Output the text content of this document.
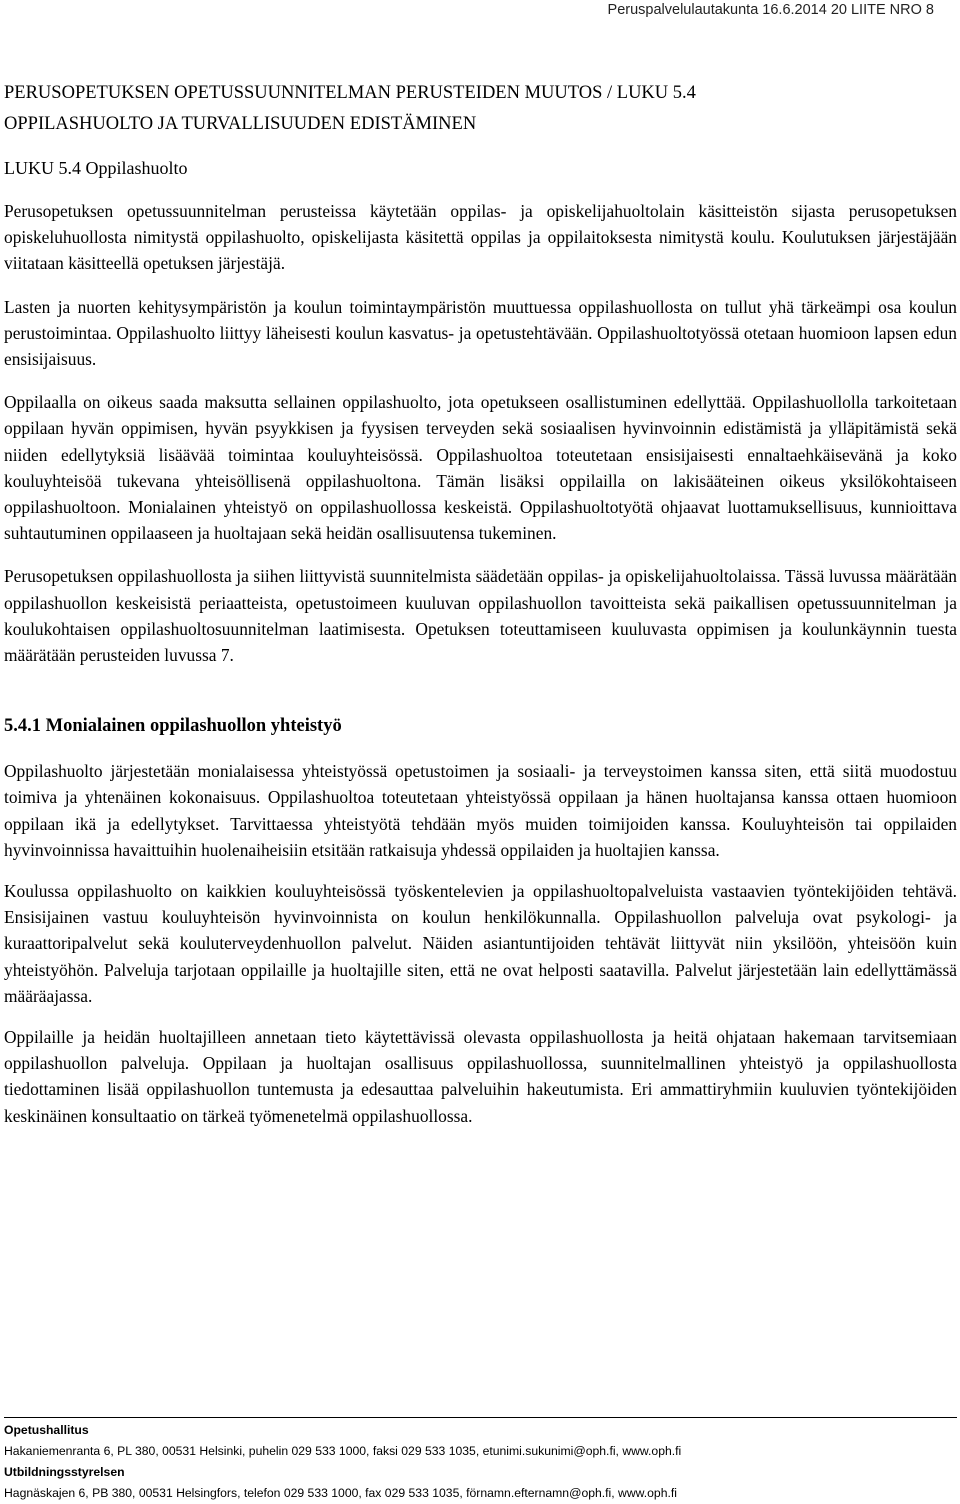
Peruspalvelulautakunta 16.6.2014 20 LIITE NRO 8
PERUSOPETUKSEN OPETUSSUUNNITELMAN PERUSTEIDEN MUUTOS / LUKU 5.4
OPPILASHUOLTO JA TURVALLISUUDEN EDISTÄMINEN
LUKU 5.4 Oppilashuolto

Perusopetuksen opetussuunnitelman perusteissa käytetään oppilas- ja opiskelijahuoltolain käsitteistön sijasta perusopetuksen opiskeluhuollosta nimitystä oppilashuolto, opiskelijasta käsitettä oppilas ja oppilaitoksesta nimitystä koulu. Koulutuksen järjestäjään viitataan käsitteellä opetuksen järjestäjä.

Lasten ja nuorten kehitysympäristön ja koulun toimintaympäristön muuttuessa oppilashuollosta on tullut yhä tärkeämpi osa koulun perustoimintaa. Oppilashuolto liittyy läheisesti koulun kasvatus- ja opetustehtävään. Oppilashuoltotyössä otetaan huomioon lapsen edun ensisijaisuus.

Oppilaalla on oikeus saada maksutta sellainen oppilashuolto, jota opetukseen osallistuminen edellyttää. Oppilashuollolla tarkoitetaan oppilaan hyvän oppimisen, hyvän psyykkisen ja fyysisen terveyden sekä sosiaalisen hyvinvoinnin edistämistä ja ylläpitämistä sekä niiden edellytyksiä lisäävää toimintaa kouluyhteisössä. Oppilashuoltoa toteutetaan ensisijaisesti ennaltaehkäisevänä ja koko kouluyhteisöä tukevana yhteisöllisenä oppilashuoltona. Tämän lisäksi oppilailla on lakisääteinen oikeus yksilökohtaiseen oppilashuoltoon. Monialainen yhteistyö on oppilashuollossa keskeistä. Oppilashuoltotyötä ohjaavat luottamuksellisuus, kunnioittava suhtautuminen oppilaaseen ja huoltajaan sekä heidän osallisuutensa tukeminen.

Perusopetuksen oppilashuollosta ja siihen liittyvistä suunnitelmista säädetään oppilas- ja opiskelijahuoltolaissa. Tässä luvussa määrätään oppilashuollon keskeisistä periaatteista, opetustoimeen kuuluvan oppilashuollon tavoitteista sekä paikallisen opetussuunnitelman ja koulukohtaisen oppilashuoltosuunnitelman laatimisesta. Opetuksen toteuttamiseen kuuluvasta oppimisen ja koulunkäynnin tuesta määrätään perusteiden luvussa 7.

5.4.1 Monialainen oppilashuollon yhteistyö

Oppilashuolto järjestetään monialaisessa yhteistyössä opetustoimen ja sosiaali- ja terveystoimen kanssa siten, että siitä muodostuu toimiva ja yhtenäinen kokonaisuus. Oppilashuoltoa toteutetaan yhteistyössä oppilaan ja hänen huoltajansa kanssa ottaen huomioon oppilaan ikä ja edellytykset. Tarvittaessa yhteistyötä tehdään myös muiden toimijoiden kanssa. Kouluyhteisön tai oppilaiden hyvinvoinnissa havaittuihin huolenaiheisiin etsitään ratkaisuja yhdessä oppilaiden ja huoltajien kanssa.

Koulussa oppilashuolto on kaikkien kouluyhteisössä työskentelevien ja oppilashuoltopalveluista vastaavien työntekijöiden tehtävä. Ensisijainen vastuu kouluyhteisön hyvinvoinnista on koulun henkilökunnalla. Oppilashuollon palveluja ovat psykologi- ja kuraattoripalvelut sekä kouluterveydenhuollon palvelut. Näiden asiantuntijoiden tehtävät liittyvät niin yksilöön, yhteisöön kuin yhteistyöhön. Palveluja tarjotaan oppilaille ja huoltajille siten, että ne ovat helposti saatavilla. Palvelut järjestetään lain edellyttämässä määräajassa.

Oppilaille ja heidän huoltajilleen annetaan tieto käytettävissä olevasta oppilashuollosta ja heitä ohjataan hakemaan tarvitsemiaan oppilashuollon palveluja. Oppilaan ja huoltajan osallisuus oppilashuollossa, suunnitelmallinen yhteistyö ja oppilashuollosta tiedottaminen lisää oppilashuollon tuntemusta ja edesauttaa palveluihin hakeutumista. Eri ammattiryhmiin kuuluvien työntekijöiden keskinäinen konsultaatio on tärkeä työmenetelmä oppilashuollossa.

Opetushallitus
Hakaniemenranta 6, PL 380, 00531 Helsinki, puhelin 029 533 1000, faksi 029 533 1035, etunimi.sukunimi@oph.fi, www.oph.fi
Utbildningsstyrelsen
Hagnäskajen 6, PB 380, 00531 Helsingfors, telefon 029 533 1000, fax 029 533 1035, förnamn.efternamn@oph.fi, www.oph.fi
